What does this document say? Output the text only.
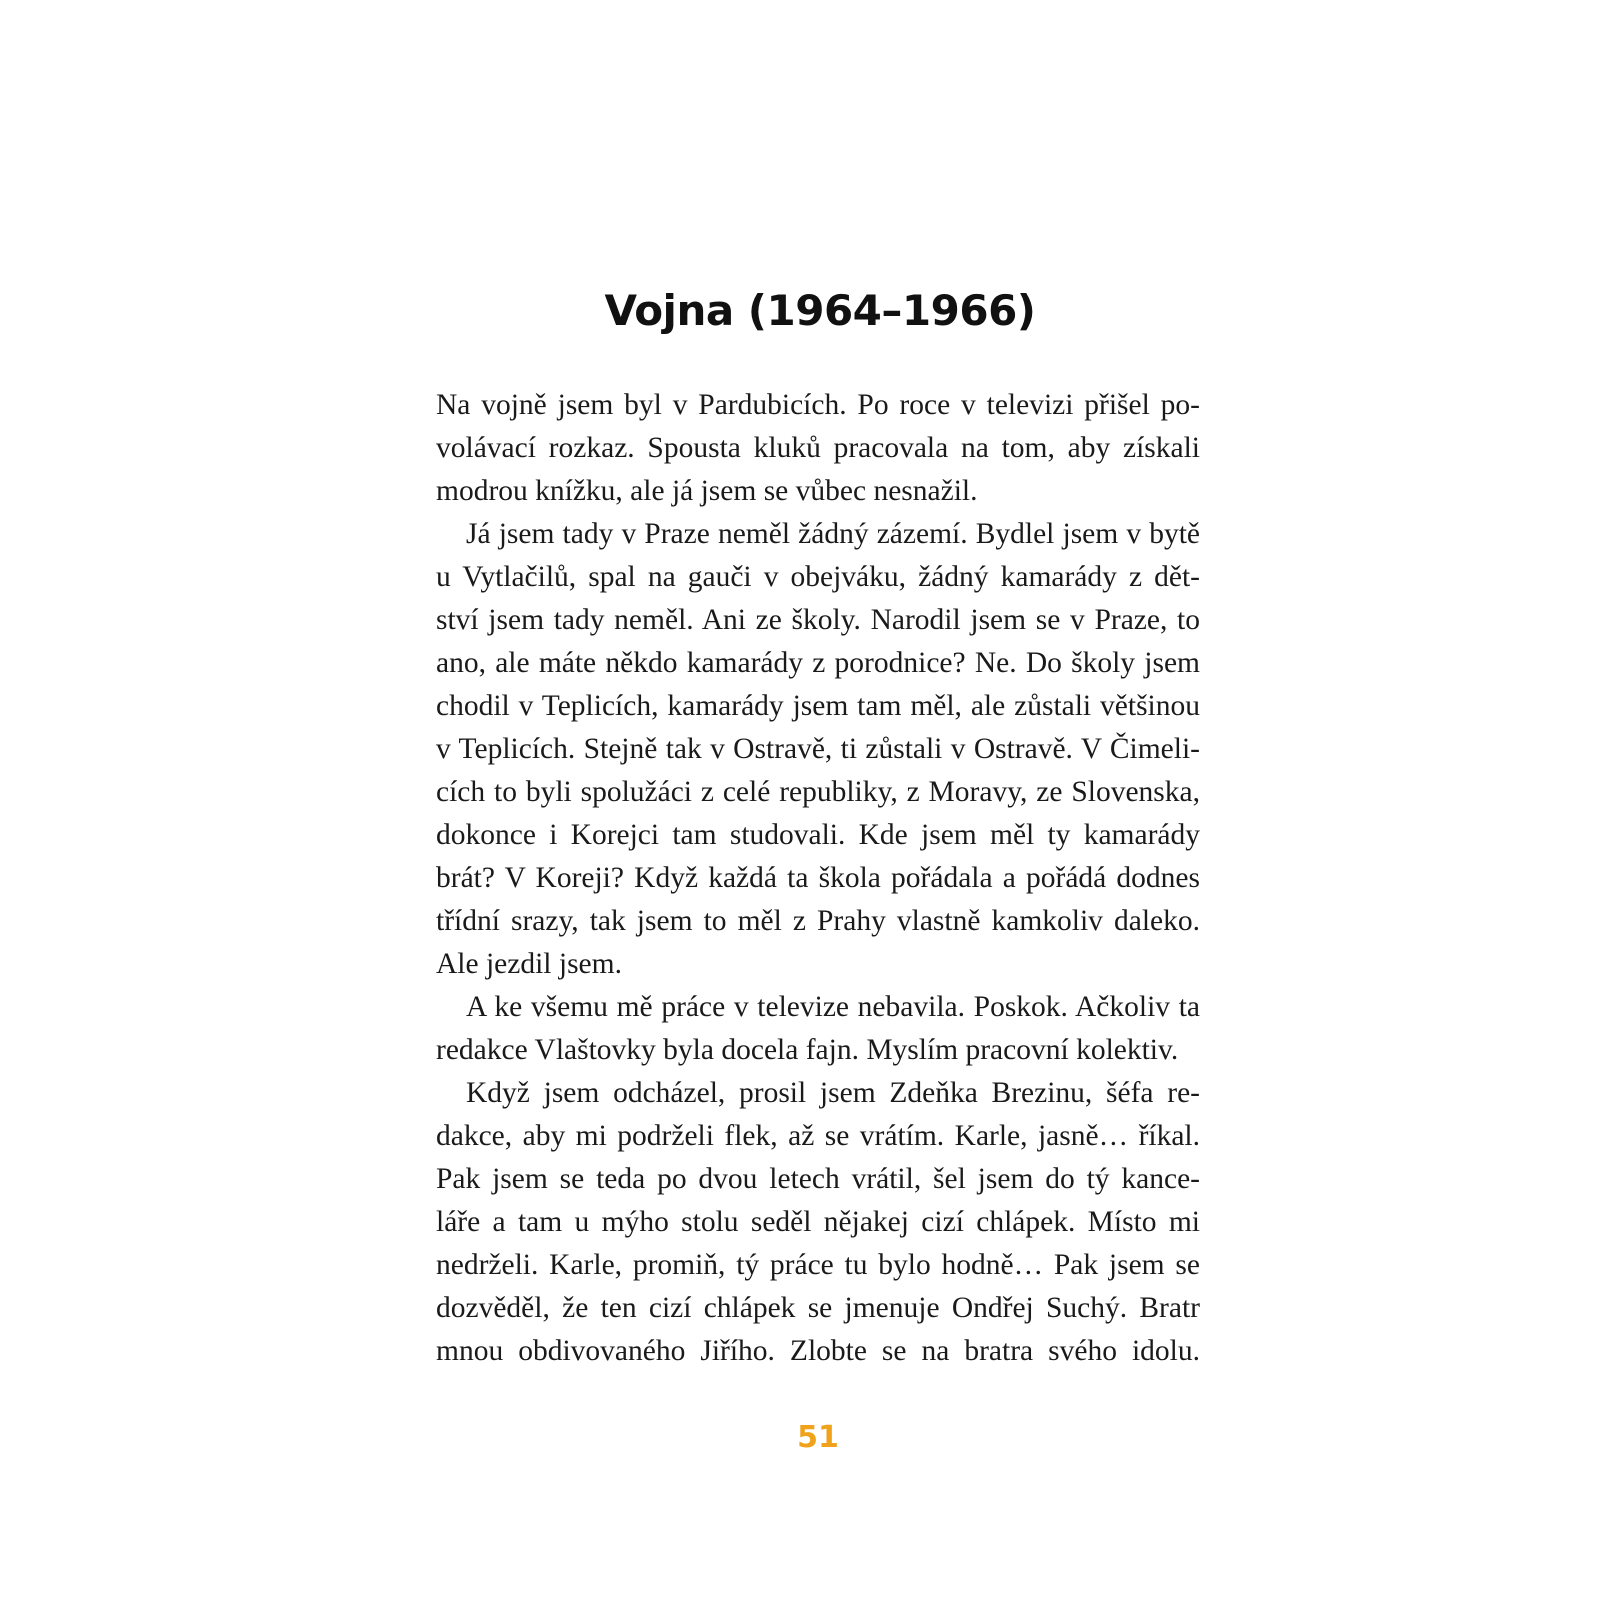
Vojna (1964–1966)
Na vojně jsem byl v Pardubicích. Po roce v televizi přišel po-
volávací rozkaz. Spousta kluků pracovala na tom, aby získali
modrou knížku, ale já jsem se vůbec nesnažil.
Já jsem tady v Praze neměl žádný zázemí. Bydlel jsem v bytě
u Vytlačilů, spal na gauči v obejváku, žádný kamarády z dět-
ství jsem tady neměl. Ani ze školy. Narodil jsem se v Praze, to
ano, ale máte někdo kamarády z porodnice? Ne. Do školy jsem
chodil v Teplicích, kamarády jsem tam měl, ale zůstali většinou
v Teplicích. Stejně tak v Ostravě, ti zůstali v Ostravě. V Čimeli-
cích to byli spolužáci z celé republiky, z Moravy, ze Slovenska,
dokonce i Korejci tam studovali. Kde jsem měl ty kamarády
brát? V Koreji? Když každá ta škola pořádala a pořádá dodnes
třídní srazy, tak jsem to měl z Prahy vlastně kamkoliv daleko.
Ale jezdil jsem.
A ke všemu mě práce v televize nebavila. Poskok. Ačkoliv ta
redakce Vlaštovky byla docela fajn. Myslím pracovní kolektiv.
Když jsem odcházel, prosil jsem Zdeňka Brezinu, šéfa re-
dakce, aby mi podrželi flek, až se vrátím. Karle, jasně… říkal.
Pak jsem se teda po dvou letech vrátil, šel jsem do tý kance-
láře a tam u mýho stolu seděl nějakej cizí chlápek. Místo mi
nedrželi. Karle, promiň, tý práce tu bylo hodně… Pak jsem se
dozvěděl, že ten cizí chlápek se jmenuje Ondřej Suchý. Bratr
mnou obdivovaného Jiřího. Zlobte se na bratra svého idolu.
51
